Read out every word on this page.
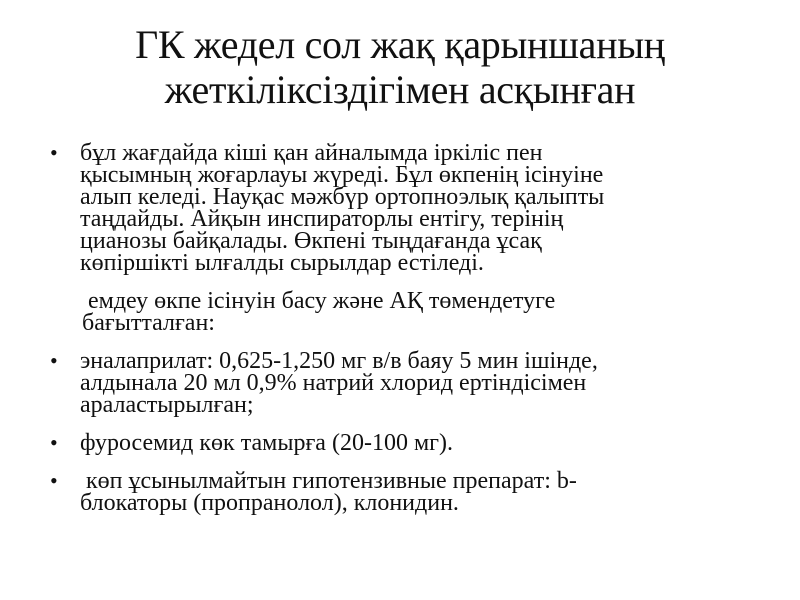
ГК жедел сол жақ қарыншаның
жеткіліксіздігімен асқынған
• бұл жағдайда кіші қан айналымда іркіліс пен
қысымның жоғарлауы жүреді. Бұл өкпенің ісінуіне
алып келеді. Науқас мәжбүр ортопноэлық қалыпты
таңдайды. Айқын инспираторлы ентігу, терінің
цианозы байқалады. Өкпені тыңдағанда ұсақ
көпіршікті ылғалды сырылдар естіледі.
емдеу өкпе ісінуін басу және АҚ төмендетуге
бағытталған:
• эналаприлат: 0,625-1,250 мг в/в баяу 5 мин ішінде,
алдынала 20 мл 0,9% натрий хлорид ертіндісімен
араластырылған;
• фуросемид көк тамырға (20-100 мг).
• көп ұсынылмайтын гипотензивные препарат: b-
блокаторы (пропранолол), клонидин.
